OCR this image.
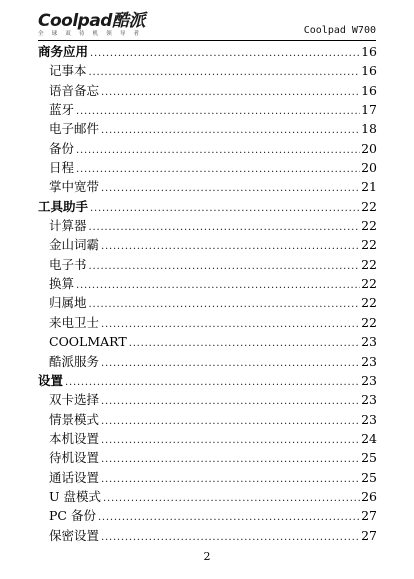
Coolpad酷派
全 球 双 待 机 领 导 者	Coolpad W700
商务应用 .....	16
记事本 .....	16
语音备忘 .....	16
蓝牙 .....	17
电子邮件 .....	18
备份 .....	20
日程 .....	20
掌中宽带 .....	21
工具助手 .....	22
计算器 .....	22
金山词霸 .....	22
电子书 .....	22
换算 .....	22
归属地 .....	22
来电卫士 .....	22
COOLMART .....	23
酷派服务 .....	23
设置 .....	23
双卡选择 .....	23
情景模式 .....	23
本机设置 .....	24
待机设置 .....	25
通话设置 .....	25
U 盘模式 .....	26
PC 备份 .....	27
保密设置 .....	27
2
